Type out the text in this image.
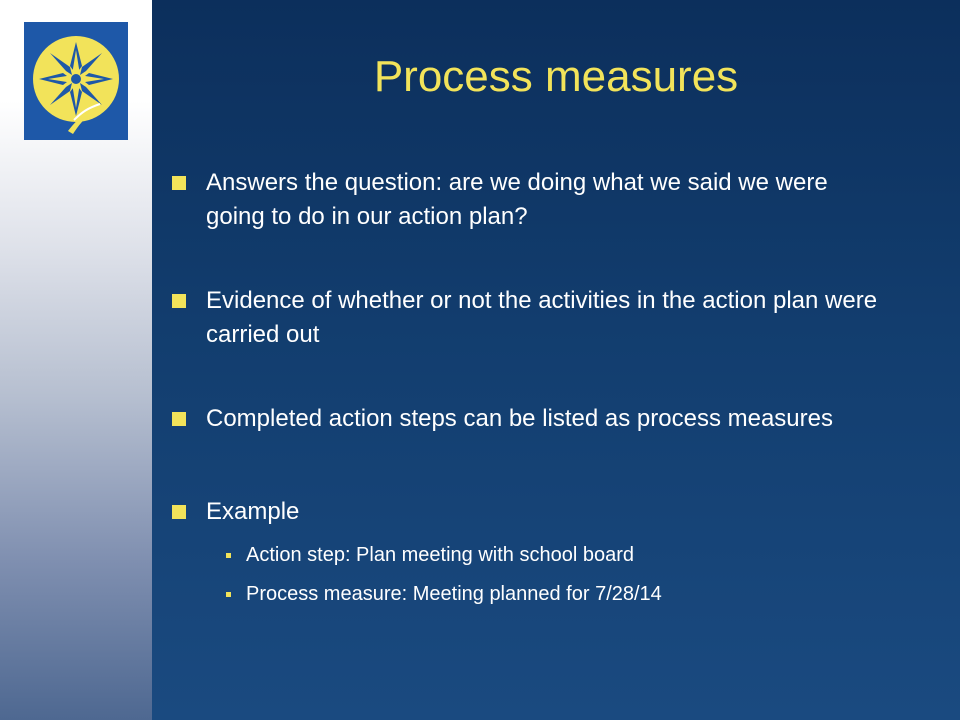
Process measures
Answers the question: are we doing what we said we were going to do in our action plan?
Evidence of whether or not the activities in the action plan were carried out
Completed action steps can be listed as process measures
Example
Action step: Plan meeting with school board
Process measure: Meeting planned for 7/28/14
